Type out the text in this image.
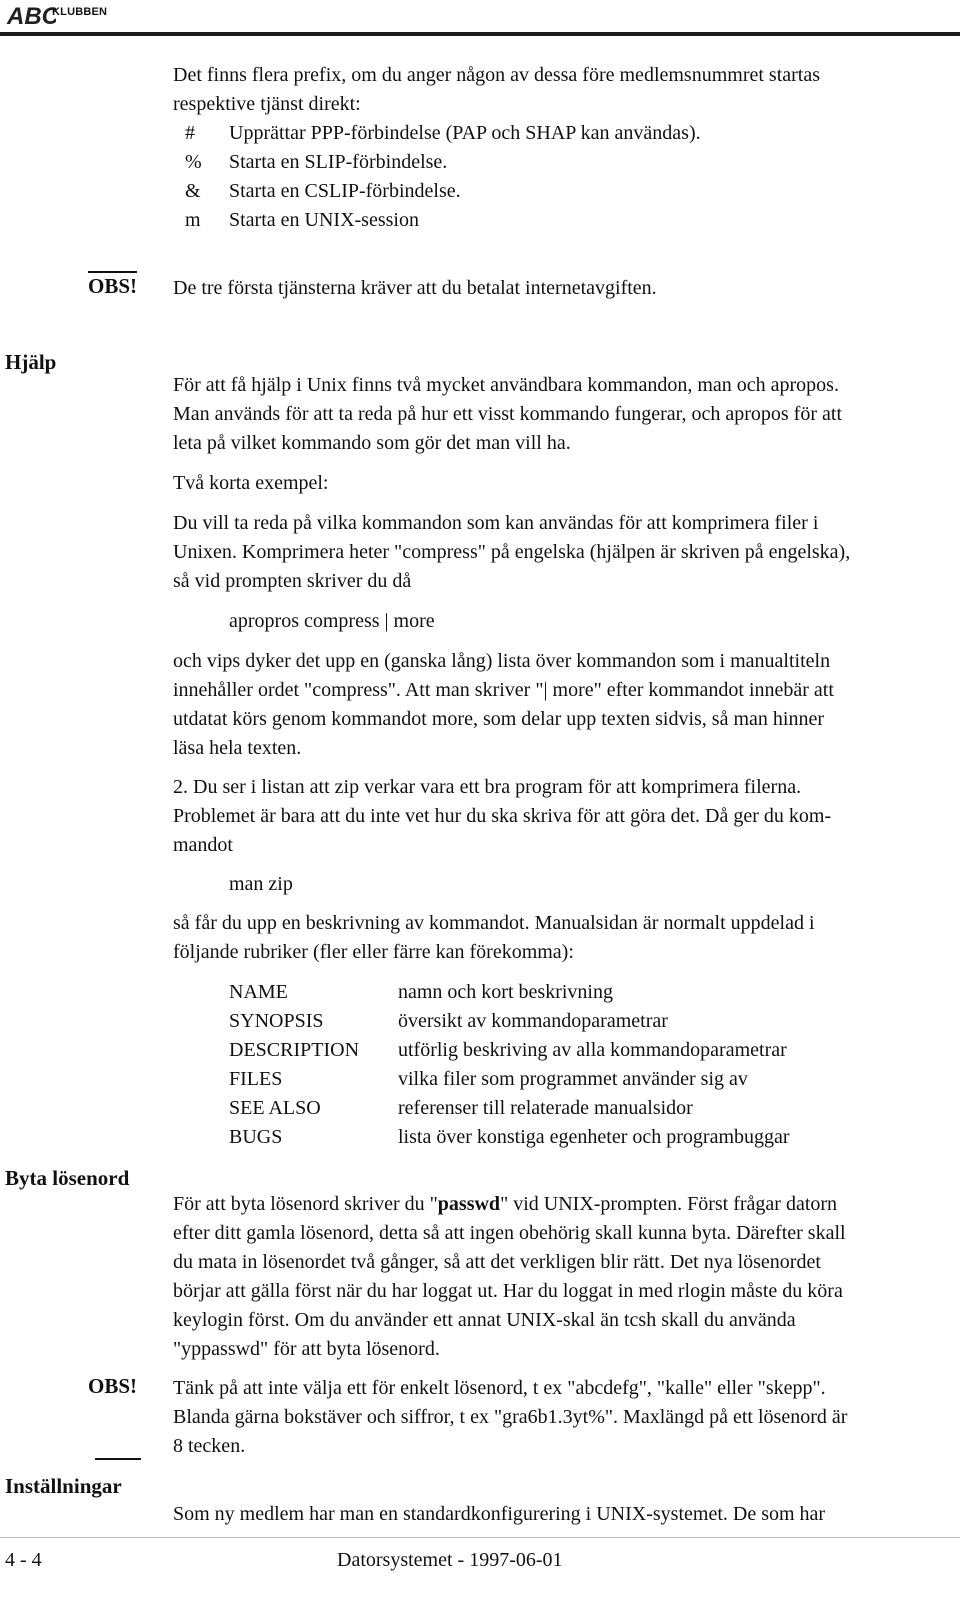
ABC
KLUBBEN
Det finns flera prefix, om du anger någon av dessa före medlemsnummret startas
respektive tjänst direkt:
# Upprättar PPP-förbindelse (PAP och SHAP kan användas).
% Starta en SLIP-förbindelse.
& Starta en CSLIP-förbindelse.
m Starta en UNIX-session
OBS! De tre första tjänsterna kräver att du betalat internetavgiften.
Hjälp
För att få hjälp i Unix finns två mycket användbara kommandon, man och apropos.
Man används för att ta reda på hur ett visst kommando fungerar, och apropos för att
leta på vilket kommando som gör det man vill ha.
Två korta exempel:
Du vill ta reda på vilka kommandon som kan användas för att komprimera filer i
Unixen. Komprimera heter "compress" på engelska (hjälpen är skriven på engelska),
så vid prompten skriver du då
apropros compress | more
och vips dyker det upp en (ganska lång) lista över kommandon som i manualtiteln
innehåller ordet "compress". Att man skriver "| more" efter kommandot innebär att
utdatat körs genom kommandot more, som delar upp texten sidvis, så man hinner
läsa hela texten.
2. Du ser i listan att zip verkar vara ett bra program för att komprimera filerna.
Problemet är bara att du inte vet hur du ska skriva för att göra det. Då ger du kom-
mandot
man zip
så får du upp en beskrivning av kommandot. Manualsidan är normalt uppdelad i
följande rubriker (fler eller färre kan förekomma):
NAME	namn och kort beskrivning
SYNOPSIS	översikt av kommandoparametrar
DESCRIPTION utförlig beskriving av alla kommandoparametrar
FILES	vilka filer som programmet använder sig av
SEE ALSO	referenser till relaterade manualsidor
BUGS	lista över konstiga egenheter och programbuggar
Byta lösenord
För att byta lösenord skriver du "passwd" vid UNIX-prompten. Först frågar datorn
efter ditt gamla lösenord, detta så att ingen obehörig skall kunna byta. Därefter skall
du mata in lösenordet två gånger, så att det verkligen blir rätt. Det nya lösenordet
börjar att gälla först när du har loggat ut. Har du loggat in med rlogin måste du köra
keylogin först. Om du använder ett annat UNIX-skal än tcsh skall du använda
"yppasswd" för att byta lösenord.
OBS! Tänk på att inte välja ett för enkelt lösenord, t ex "abcdefg", "kalle" eller "skepp".
Blanda gärna bokstäver och siffror, t ex "gra6b1.3yt%". Maxlängd på ett lösenord är
8 tecken.
Inställningar
Som ny medlem har man en standardkonfigurering i UNIX-systemet. De som har
4 - 4	Datorsystemet - 1997-06-01
